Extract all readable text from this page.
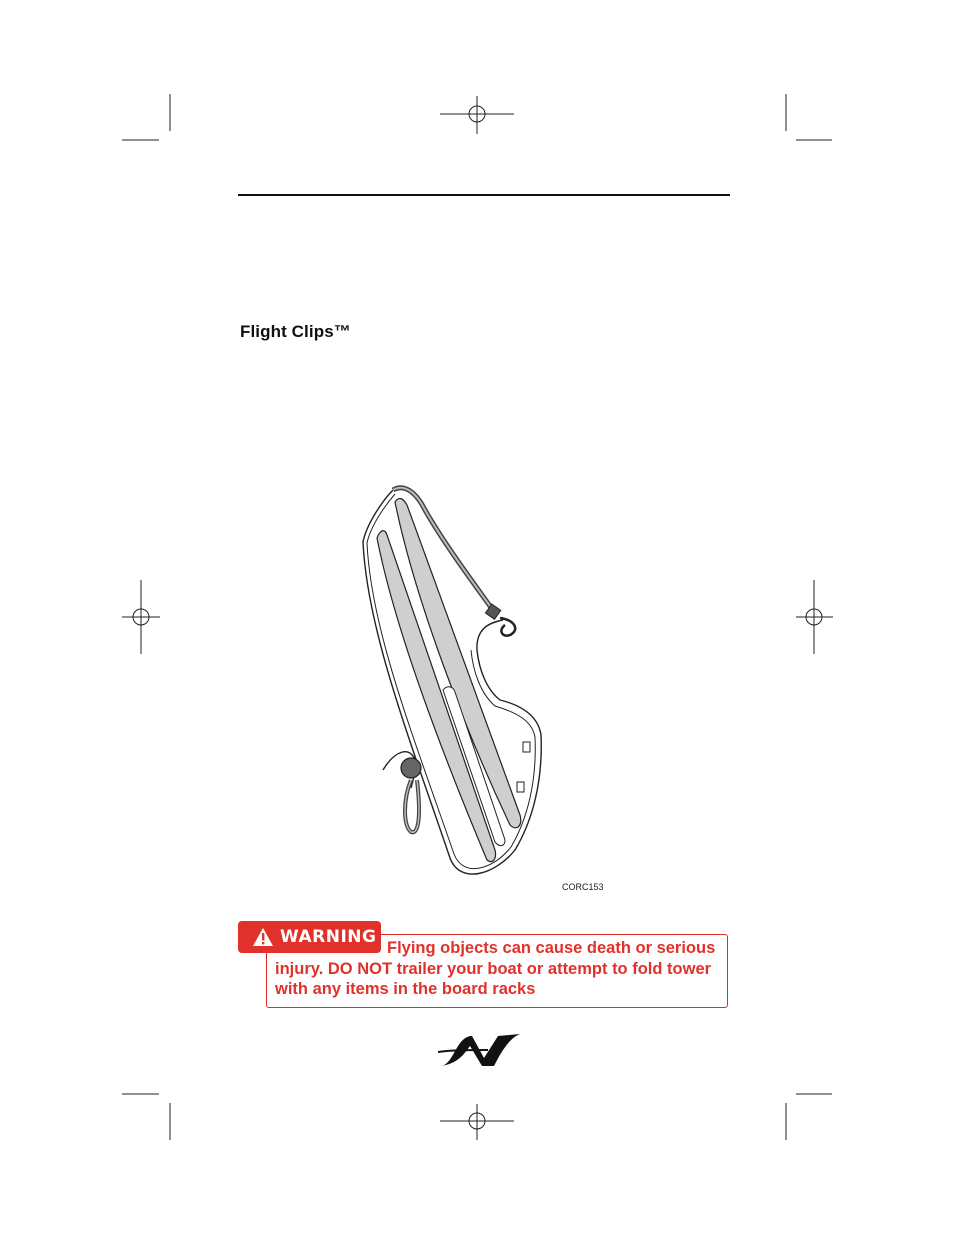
Flight Clips™
CORC153
WARNING
Flying objects can cause death or serious injury. DO NOT trailer your boat or attempt to fold tower with any items in the board racks
